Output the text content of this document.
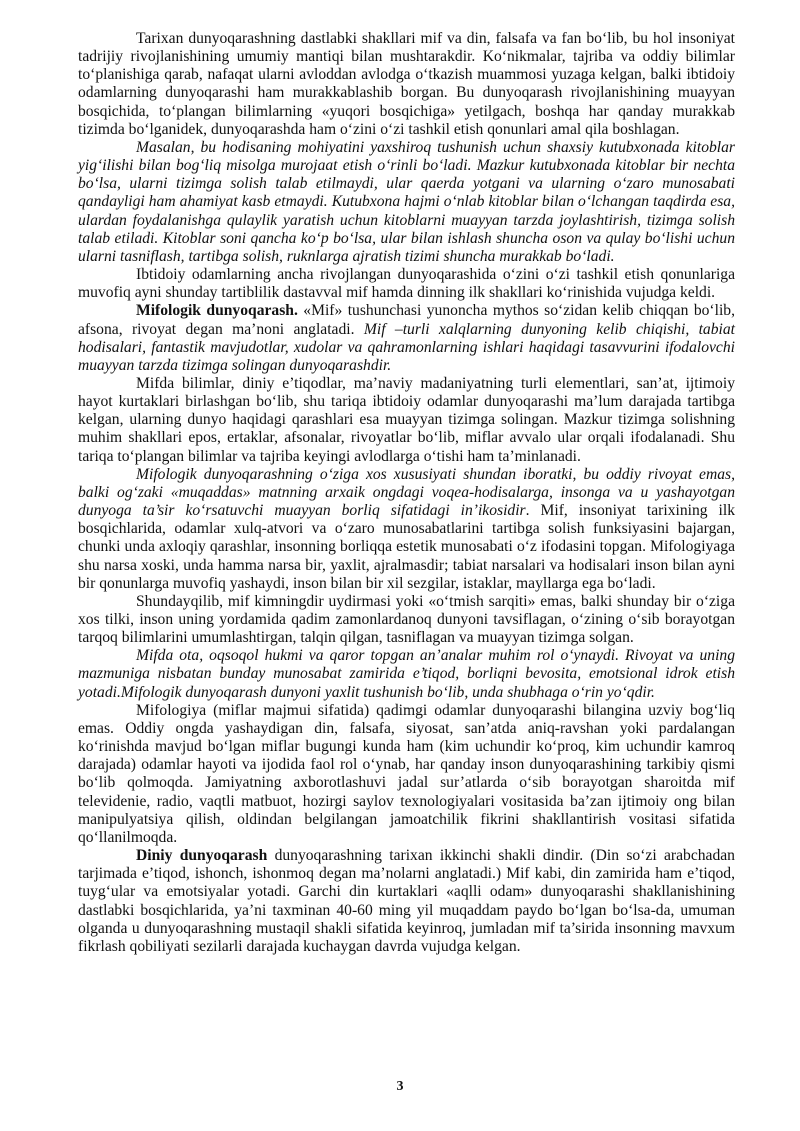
Tarixan dunyoqarashning dastlabki shakllari mif va din, falsafa va fan bo‘lib, bu hol insoniyat tadrijiy rivojlanishining umumiy mantiqi bilan mushtarakdir. Ko‘nikmalar, tajriba va oddiy bilimlar to‘planishiga qarab, nafaqat ularni avloddan avlodga o‘tkazish muammosi yuzaga kelgan, balki ibtidoiy odamlarning dunyoqarashi ham murakkablashib borgan. Bu dunyoqarash rivojlanishining muayyan bosqichida, to‘plangan bilimlarning «yuqori bosqichiga» yetilgach, boshqa har qanday murakkab tizimda bo‘lganidek, dunyoqarashda ham o‘zini o‘zi tashkil etish qonunlari amal qila boshlagan.

Masalan, bu hodisaning mohiyatini yaxshiroq tushunish uchun shaxsiy kutubxonada kitoblar yig‘ilishi bilan bog‘liq misolga murojaat etish o‘rinli bo‘ladi. Mazkur kutubxonada kitoblar bir nechta bo‘lsa, ularni tizimga solish talab etilmaydi, ular qaerda yotgani va ularning o‘zaro munosabati qandayligi ham ahamiyat kasb etmaydi. Kutubxona hajmi o‘nlab kitoblar bilan o‘lchangan taqdirda esa, ulardan foydalanishga qulaylik yaratish uchun kitoblarni muayyan tarzda joylashtirish, tizimga solish talab etiladi. Kitoblar soni qancha ko‘p bo‘lsa, ular bilan ishlash shuncha oson va qulay bo‘lishi uchun ularni tasniflash, tartibga solish, ruknlarga ajratish tizimi shuncha murakkab bo‘ladi.

Ibtidoiy odamlarning ancha rivojlangan dunyoqarashida o‘zini o‘zi tashkil etish qonunlariga muvofiq ayni shunday tartiblilik dastavval mif hamda dinning ilk shakllari ko‘rinishida vujudga keldi.

Mifologik dunyoqarash. «Mif» tushunchasi yunoncha mythos so‘zidan kelib chiqqan bo‘lib, afsona, rivoyat degan ma’noni anglatadi. Mif –turli xalqlarning dunyoning kelib chiqishi, tabiat hodisalari, fantastik mavjudotlar, xudolar va qahramonlarning ishlari haqidagi tasavvurini ifodalovchi muayyan tarzda tizimga solingan dunyoqarashdir.

Mifda bilimlar, diniy e’tiqodlar, ma’naviy madaniyatning turli elementlari, san’at, ijtimoiy hayot kurtaklari birlashgan bo‘lib, shu tariqa ibtidoiy odamlar dunyoqarashi ma’lum darajada tartibga kelgan, ularning dunyo haqidagi qarashlari esa muayyan tizimga solingan. Mazkur tizimga solishning muhim shakllari epos, ertaklar, afsonalar, rivoyatlar bo‘lib, miflar avvalo ular orqali ifodalanadi. Shu tariqa to‘plangan bilimlar va tajriba keyingi avlodlarga o‘tishi ham ta’minlanadi.

Mifologik dunyoqarashning o‘ziga xos xususiyati shundan iboratki, bu oddiy rivoyat emas, balki og‘zaki «muqaddas» matnning arxaik ongdagi voqea-hodisalarga, insonga va u yashayotgan dunyoga ta’sir ko‘rsatuvchi muayyan borliq sifatidagi in’ikosidir. Mif, insoniyat tarixining ilk bosqichlarida, odamlar xulq-atvori va o‘zaro munosabatlarini tartibga solish funksiyasini bajargan, chunki unda axloqiy qarashlar, insonning borliqqa estetik munosabati o‘z ifodasini topgan. Mifologiyaga shu narsa xoski, unda hamma narsa bir, yaxlit, ajralmasdir; tabiat narsalari va hodisalari inson bilan ayni bir qonunlarga muvofiq yashaydi, inson bilan bir xil sezgilar, istaklar, mayllarga ega bo‘ladi.

Shundayqilib, mif kimningdir uydirmasi yoki «o‘tmish sarqiti» emas, balki shunday bir o‘ziga xos tilki, inson uning yordamida qadim zamonlardanoq dunyoni tavsiflagan, o‘zining o‘sib borayotgan tarqoq bilimlarini umumlashtirgan, talqin qilgan, tasniflagan va muayyan tizimga solgan.

Mifda ota, oqsoqol hukmi va qaror topgan an’analar muhim rol o‘ynaydi. Rivoyat va uning mazmuniga nisbatan bunday munosabat zamirida e’tiqod, borliqni bevosita, emotsional idrok etish yotadi.Mifologik dunyoqarash dunyoni yaxlit tushunish bo‘lib, unda shubhaga o‘rin yo‘qdir.

Mifologiya (miflar majmui sifatida) qadimgi odamlar dunyoqarashi bilangina uzviy bog‘liq emas. Oddiy ongda yashaydigan din, falsafa, siyosat, san’atda aniq-ravshan yoki pardalangan ko‘rinishda mavjud bo‘lgan miflar bugungi kunda ham (kim uchundir ko‘proq, kim uchundir kamroq darajada) odamlar hayoti va ijodida faol rol o‘ynab, har qanday inson dunyoqarashining tarkibiy qismi bo‘lib qolmoqda. Jamiyatning axborotlashuvi jadal sur’atlarda o‘sib borayotgan sharoitda mif televidenie, radio, vaqtli matbuot, hozirgi saylov texnologiyalari vositasida ba’zan ijtimoiy ong bilan manipulyatsiya qilish, oldindan belgilangan jamoatchilik fikrini shakllantirish vositasi sifatida qo‘llanilmoqda.

Diniy dunyoqarash dunyoqarashning tarixan ikkinchi shakli dindir. (Din so‘zi arabchadan tarjimada e’tiqod, ishonch, ishonmoq degan ma’nolarni anglatadi.) Mif kabi, din zamirida ham e’tiqod, tuyg‘ular va emotsiyalar yotadi. Garchi din kurtaklari «aqlli odam» dunyoqarashi shakllanishining dastlabki bosqichlarida, ya’ni taxminan 40-60 ming yil muqaddam paydo bo‘lgan bo‘lsa-da, umuman olganda u dunyoqarashning mustaqil shakli sifatida keyinroq, jumladan mif ta’sirida insonning mavxum fikrlash qobiliyati sezilarli darajada kuchaygan davrda vujudga kelgan.

3
